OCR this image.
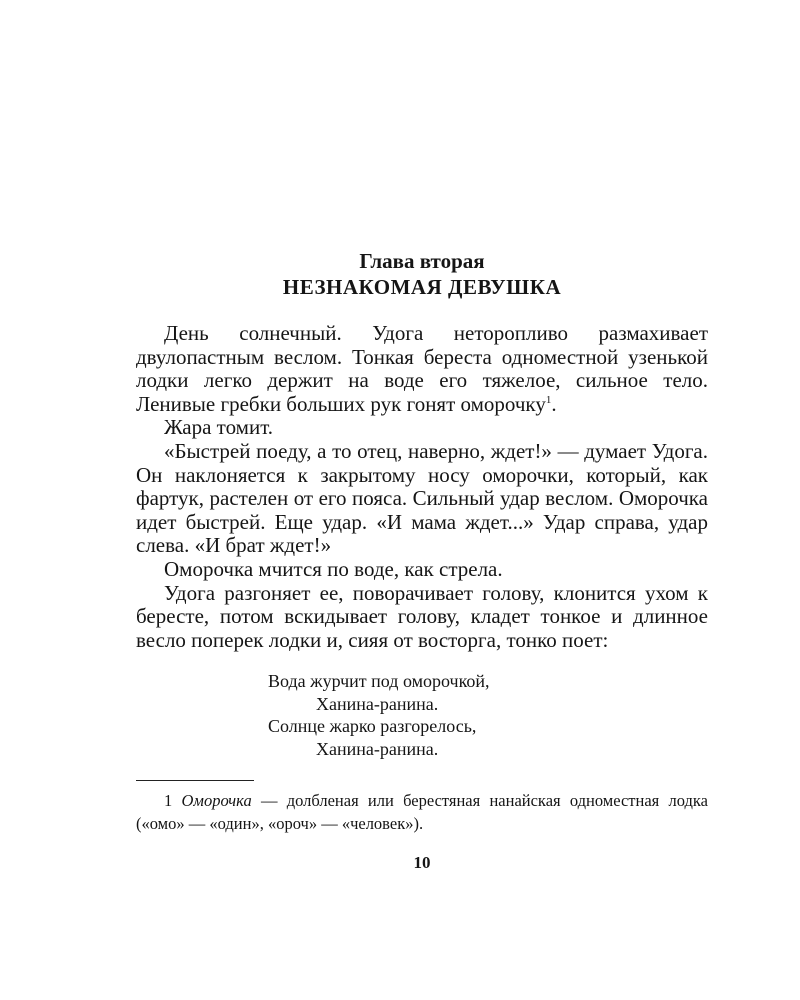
Глава вторая

НЕЗНАКОМАЯ ДЕВУШКА

День солнечный. Удога неторопливо размахивает двулопастным веслом. Тонкая береста одноместной узенькой лодки легко держит на воде его тяжелое, сильное тело. Ленивые гребки больших рук гонят оморочку$^1$.

Жара томит.

«Быстрей поеду, а то отец, наверно, ждет!» — думает Удога. Он наклоняется к закрытому носу оморочки, который, как фартук, растелен от его пояса. Сильный удар веслом. Оморочка идет быстрей. Еще удар. «И мама ждет...» Удар справа, удар слева. «И брат ждет!»

Оморочка мчится по воде, как стрела.

Удога разгоняет ее, поворачивает голову, клонится ухом к бересте, потом вскидывает голову, кладет тонкое и длинное весло поперек лодки и, сияя от восторга, тонко поет:

Вода журчит под оморочкой,
Ханина-ранина.
Солнце жарко разгорелось,
Ханина-ранина.

1 Оморочка — долбленая или берестяная нанайская одноместная лодка («омо» — «один», «ороч» — «человек»).

10
